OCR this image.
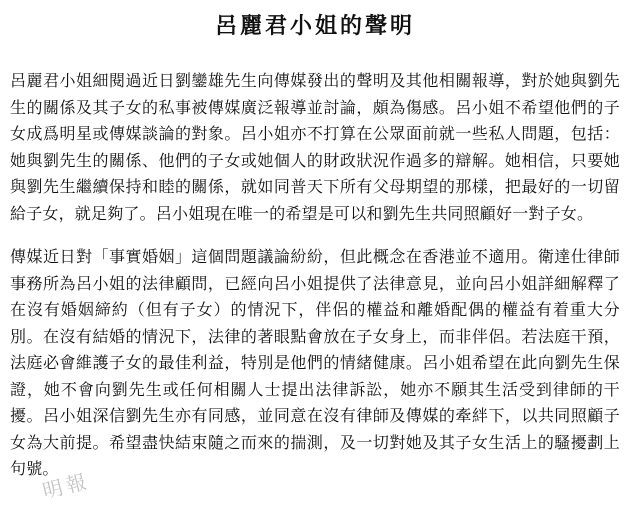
呂麗君小姐的聲明

呂麗君小姐細閱過近日劉鑾雄先生向傳媒發出的聲明及其他相關報導，對於她與劉先生的關係及其子女的私事被傳媒廣泛報導並討論，頗為傷感。呂小姐不希望他們的子女成爲明星或傳媒談論的對象。呂小姐亦不打算在公眾面前就一些私人問題，包括：她與劉先生的關係、他們的子女或她個人的財政狀況作過多的辯解。她相信，只要她與劉先生繼續保持和睦的關係，就如同普天下所有父母期望的那樣，把最好的一切留給子女，就足夠了。呂小姐現在唯一的希望是可以和劉先生共同照顧好一對子女。

傳媒近日對「事實婚姻」這個問題議論紛紛，但此概念在香港並不適用。衛達仕律師事務所為呂小姐的法律顧問，已經向呂小姐提供了法律意見，並向呂小姐詳細解釋了在沒有婚姻締約（但有子女）的情況下，伴侶的權益和離婚配偶的權益有着重大分別。在沒有結婚的情況下，法律的著眼點會放在子女身上，而非伴侶。若法庭干預，法庭必會維護子女的最佳利益，特別是他們的情緒健康。呂小姐希望在此向劉先生保證，她不會向劉先生或任何相關人士提出法律訴訟，她亦不願其生活受到律師的干擾。呂小姐深信劉先生亦有同感，並同意在沒有律師及傳媒的牽絆下，以共同照顧子女為大前提。希望盡快結束隨之而來的揣測，及一切對她及其子女生活上的騷擾劃上句號。

明報
